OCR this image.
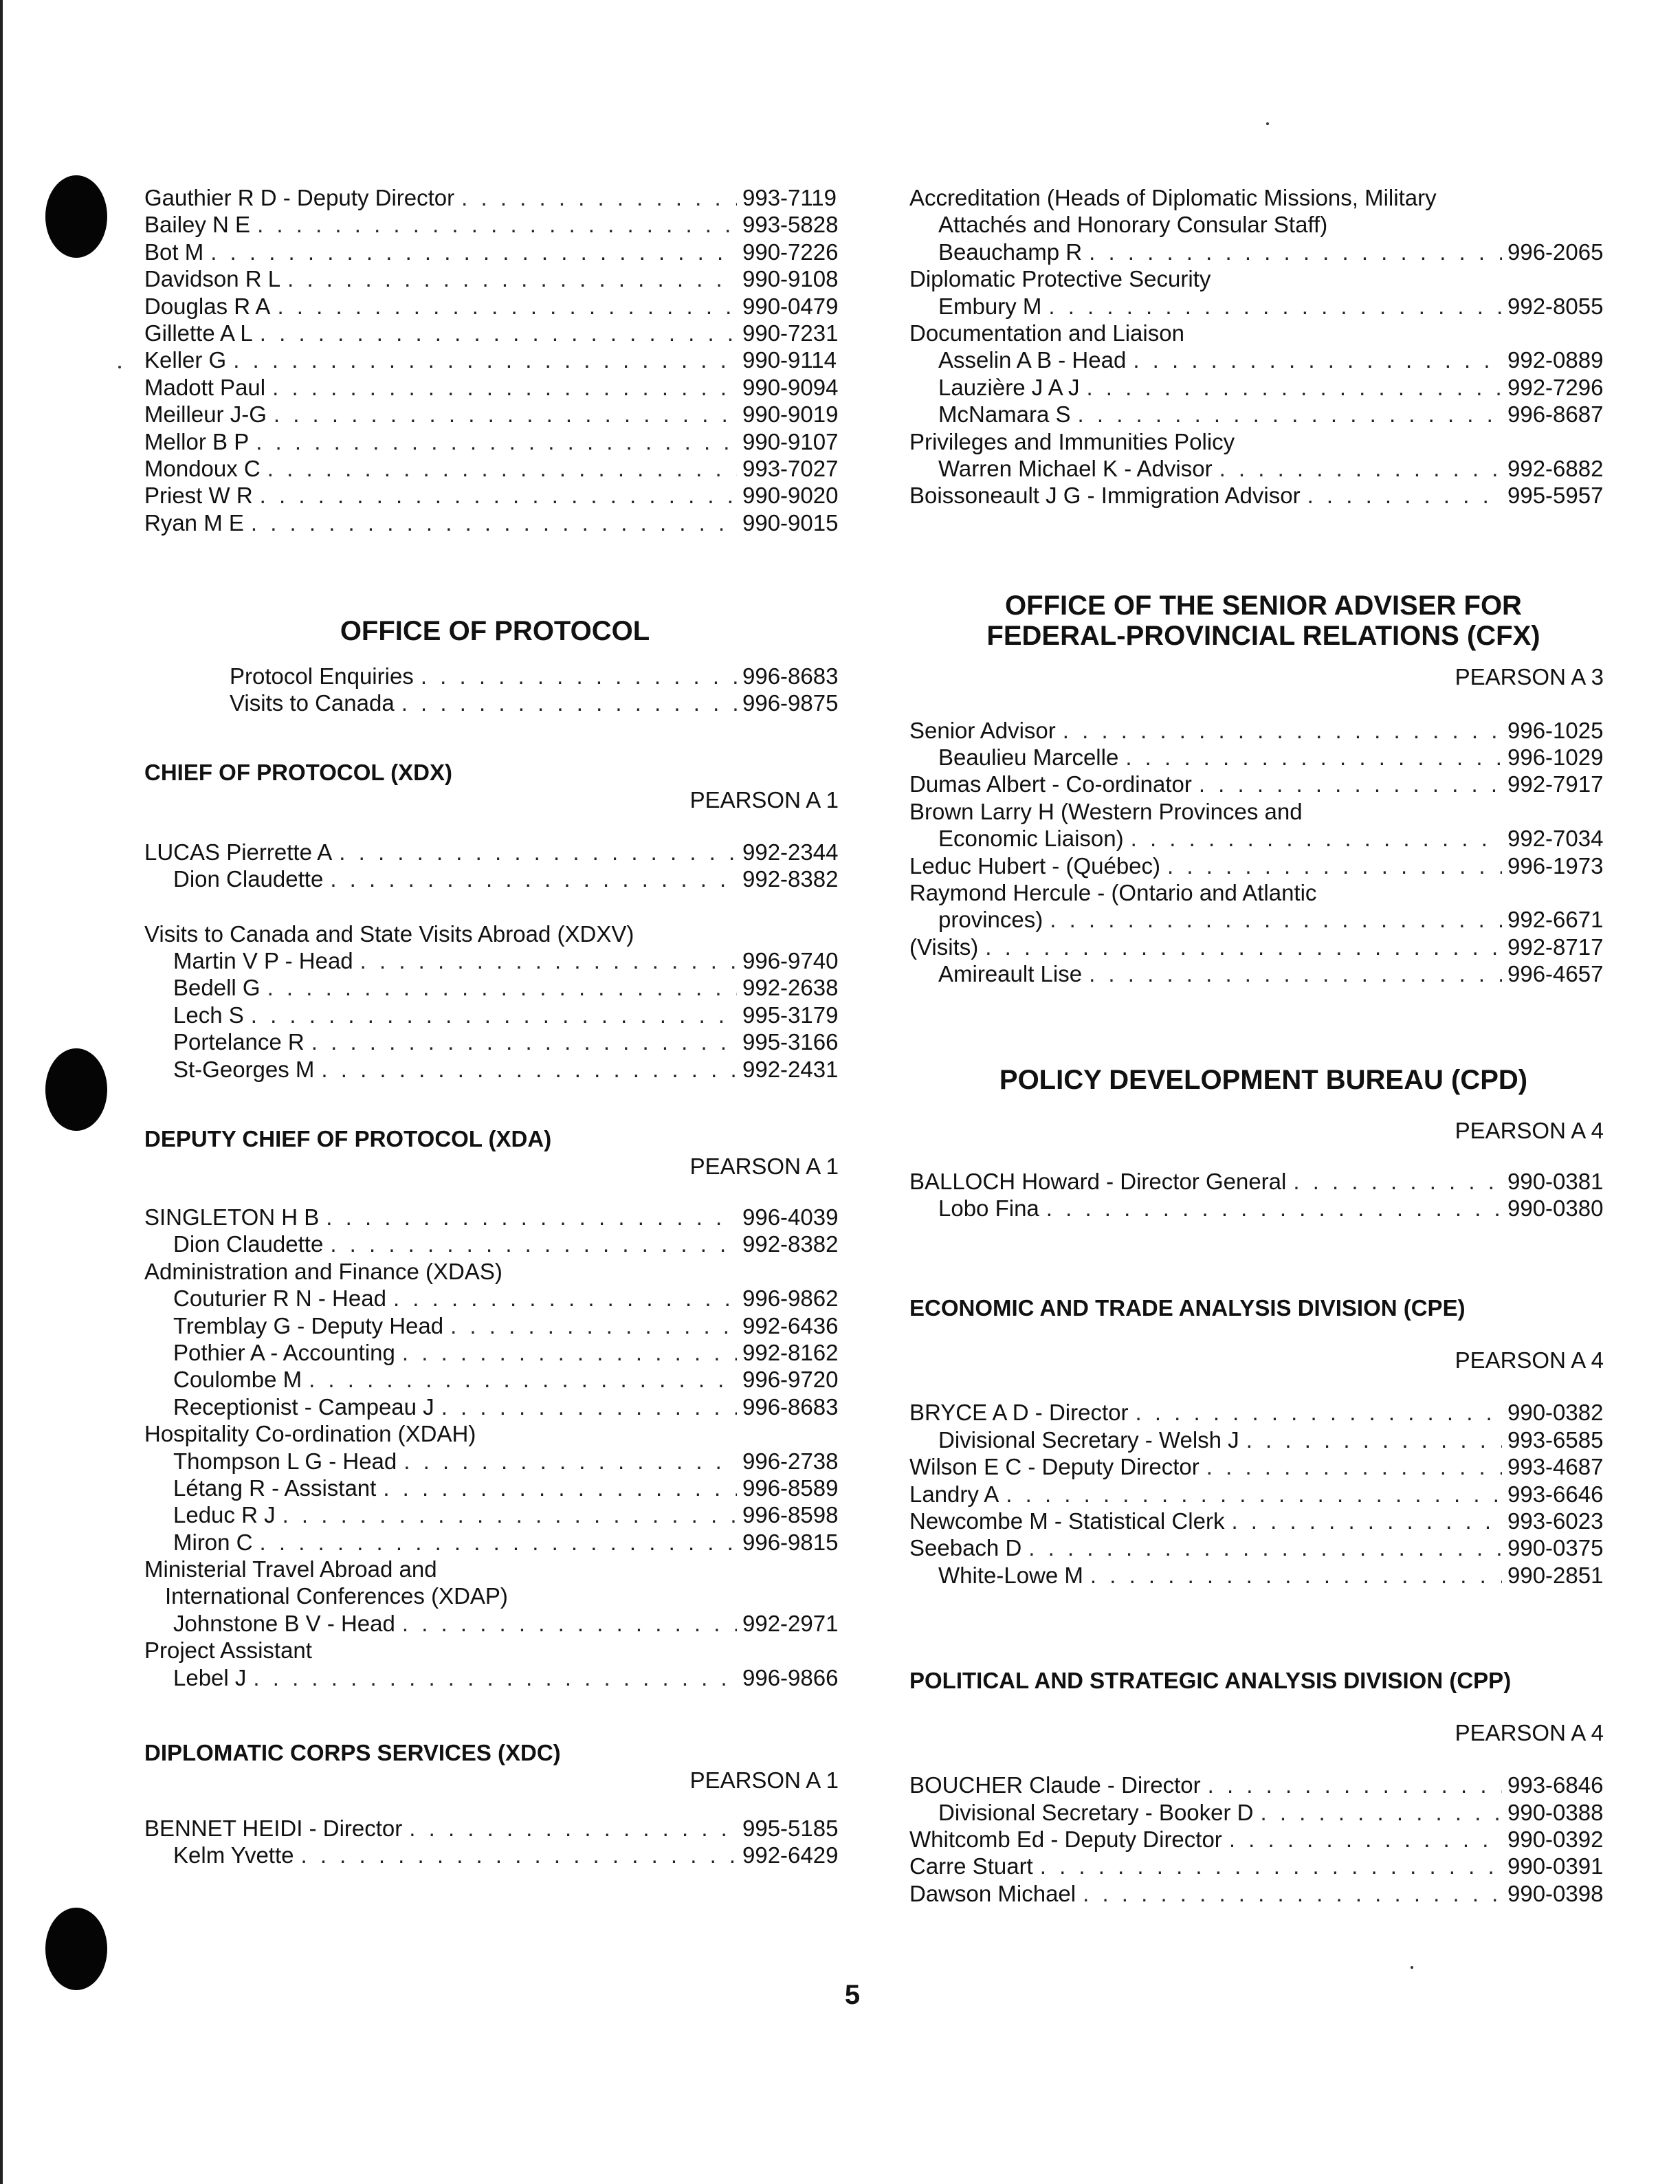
Gauthier R D - Deputy Director . . .	993-7119
Bailey N E . . .	993-5828
Bot M . . .	990-7226
Davidson R L . . .	990-9108
Douglas R A . . .	990-0479
Gillette A L . . .	990-7231
Keller G . . .	990-9114
Madott Paul . . .	990-9094
Meilleur J-G . . .	990-9019
Mellor B P . . .	990-9107
Mondoux C . . .	993-7027
Priest W R . . .	990-9020
Ryan M E . . .	990-9015
OFFICE OF PROTOCOL
Protocol Enquiries . . .	996-8683
Visits to Canada . . .	996-9875
CHIEF OF PROTOCOL (XDX)
PEARSON A 1
LUCAS Pierrette A . . .	992-2344
Dion Claudette . . .	992-8382
Visits to Canada and State Visits Abroad (XDXV)
Martin V P - Head . . .	996-9740
Bedell G . . .	992-2638
Lech S . . .	995-3179
Portelance R . . .	995-3166
St-Georges M . . .	992-2431
DEPUTY CHIEF OF PROTOCOL (XDA)
PEARSON A 1
SINGLETON H B . . .	996-4039
Dion Claudette . . .	992-8382
Administration and Finance (XDAS)
Couturier R N - Head . . .	996-9862
Tremblay G - Deputy Head . . .	992-6436
Pothier A - Accounting . . .	992-8162
Coulombe M . . .	996-9720
Receptionist - Campeau J . . .	996-8683
Hospitality Co-ordination (XDAH)
Thompson L G - Head . . .	996-2738
Létang R - Assistant . . .	996-8589
Leduc R J . . .	996-8598
Miron C . . .	996-9815
Ministerial Travel Abroad and
International Conferences (XDAP)
Johnstone B V - Head . . .	992-2971
Project Assistant
Lebel J . . .	996-9866
DIPLOMATIC CORPS SERVICES (XDC)
PEARSON A 1
BENNET HEIDI - Director . . .	995-5185
Kelm Yvette . . .	992-6429
Accreditation (Heads of Diplomatic Missions, Military
Attachés and Honorary Consular Staff)
Beauchamp R . . .	996-2065
Diplomatic Protective Security
Embury M . . .	992-8055
Documentation and Liaison
Asselin A B - Head . . .	992-0889
Lauzière J A J . . .	992-7296
McNamara S . . .	996-8687
Privileges and Immunities Policy
Warren Michael K - Advisor . . .	992-6882
Boissoneault J G - Immigration Advisor . . .	995-5957
OFFICE OF THE SENIOR ADVISER FOR
FEDERAL-PROVINCIAL RELATIONS (CFX)
PEARSON A 3
Senior Advisor . . .	996-1025
Beaulieu Marcelle . . .	996-1029
Dumas Albert - Co-ordinator . . .	992-7917
Brown Larry H (Western Provinces and
Economic Liaison) . . .	992-7034
Leduc Hubert - (Québec) . . .	996-1973
Raymond Hercule - (Ontario and Atlantic
provinces) . . .	992-6671
(Visits) . . .	992-8717
Amireault Lise . . .	996-4657
POLICY DEVELOPMENT BUREAU (CPD)
PEARSON A 4
BALLOCH Howard - Director General . . .	990-0381
Lobo Fina . . .	990-0380
ECONOMIC AND TRADE ANALYSIS DIVISION (CPE)
PEARSON A 4
BRYCE A D - Director . . .	990-0382
Divisional Secretary - Welsh J . . .	993-6585
Wilson E C - Deputy Director . . .	993-4687
Landry A . . .	993-6646
Newcombe M - Statistical Clerk . . .	993-6023
Seebach D . . .	990-0375
White-Lowe M . . .	990-2851
POLITICAL AND STRATEGIC ANALYSIS DIVISION (CPP)
PEARSON A 4
BOUCHER Claude - Director . . .	993-6846
Divisional Secretary - Booker D . . .	990-0388
Whitcomb Ed - Deputy Director . . .	990-0392
Carre Stuart . . .	990-0391
Dawson Michael . . .	990-0398
5
